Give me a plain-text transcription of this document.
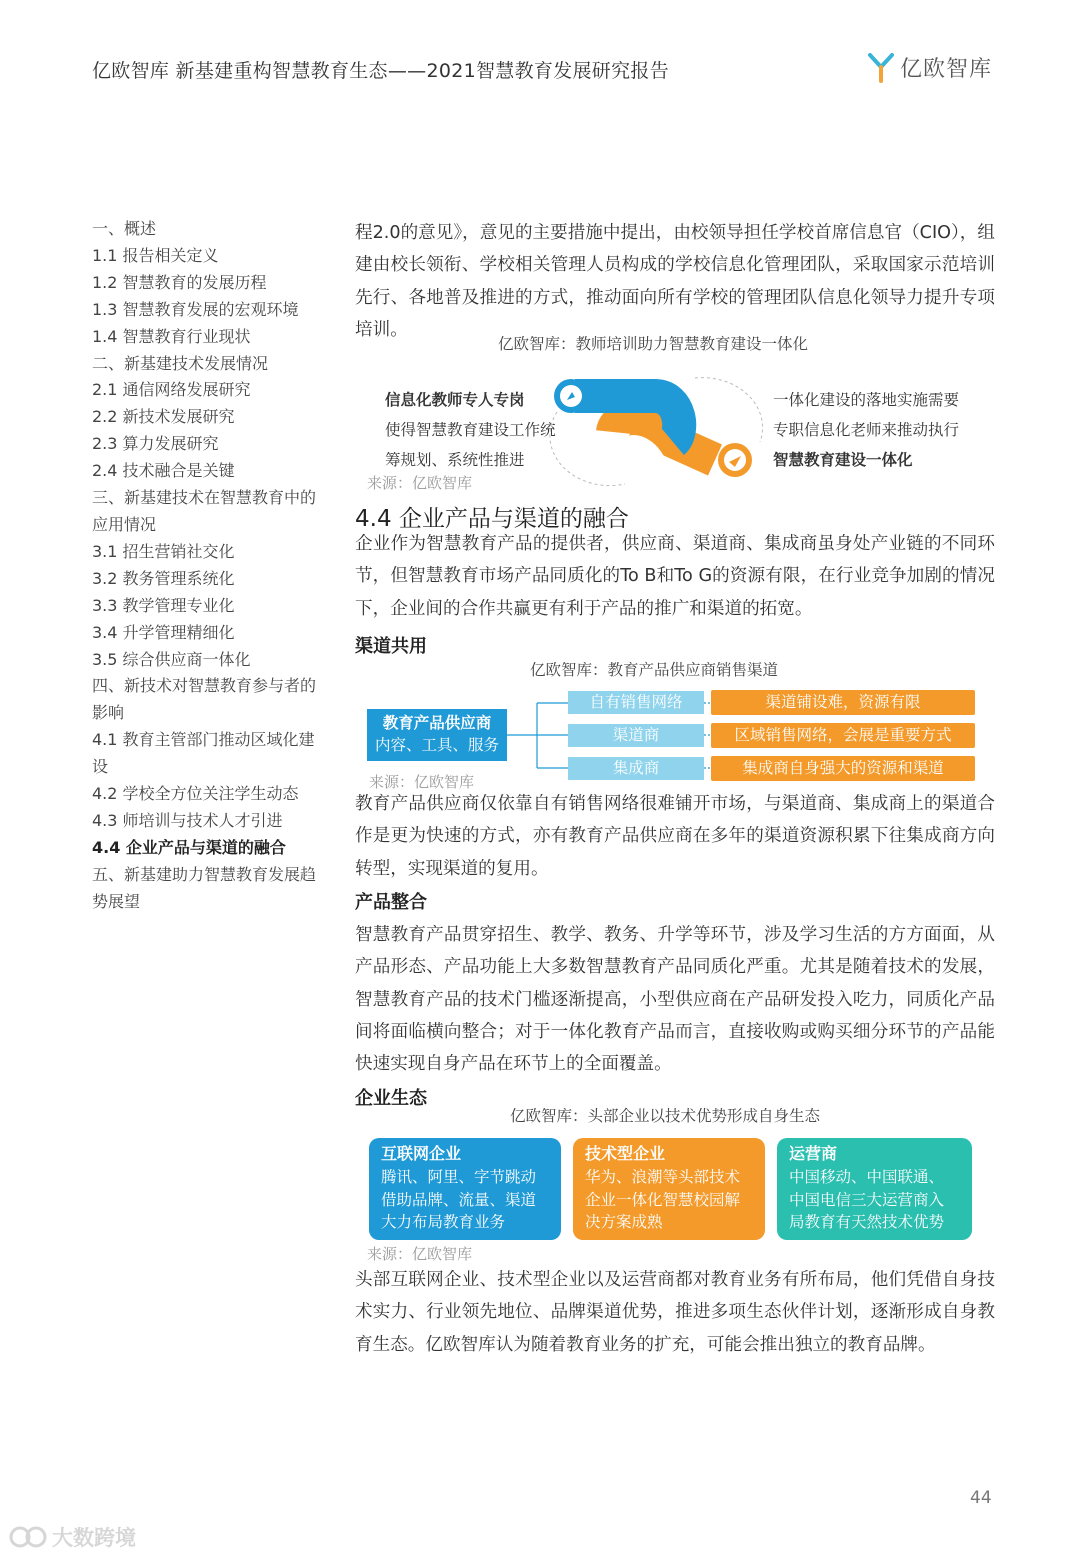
亿欧智库 新基建重构智慧教育生态——2021智慧教育发展研究报告	亿欧智库
一、概述
1.1 报告相关定义
1.2 智慧教育的发展历程
1.3 智慧教育发展的宏观环境
1.4 智慧教育行业现状
二、新基建技术发展情况
2.1 通信网络发展研究
2.2 新技术发展研究
2.3 算力发展研究
2.4 技术融合是关键
三、新基建技术在智慧教育中的应用情况
3.1 招生营销社交化
3.2 教务管理系统化
3.3 教学管理专业化
3.4 升学管理精细化
3.5 综合供应商一体化
四、新技术对智慧教育参与者的影响
4.1 教育主管部门推动区域化建设
4.2 学校全方位关注学生动态
4.3 师培训与技术人才引进
4.4 企业产品与渠道的融合
五、新基建助力智慧教育发展趋势展望
程2.0的意见》，意见的主要措施中提出，由校领导担任学校首席信息官（CIO），组建由校长领衔、学校相关管理人员构成的学校信息化管理团队，采取国家示范培训先行、各地普及推进的方式，推动面向所有学校的管理团队信息化领导力提升专项培训。
亿欧智库：教师培训助力智慧教育建设一体化
信息化教师专人专岗
使得智慧教育建设工作统
筹规划、系统性推进
一体化建设的落地实施需要
专职信息化老师来推动执行
智慧教育建设一体化
来源：亿欧智库
4.4 企业产品与渠道的融合
企业作为智慧教育产品的提供者，供应商、渠道商、集成商虽身处产业链的不同环节，但智慧教育市场产品同质化的To B和To G的资源有限，在行业竞争加剧的情况下，企业间的合作共赢更有利于产品的推广和渠道的拓宽。
渠道共用
亿欧智库：教育产品供应商销售渠道
教育产品供应商
内容、工具、服务
自有销售网络
渠道商
集成商
渠道铺设难，资源有限
区域销售网络，会展是重要方式
集成商自身强大的资源和渠道
来源：亿欧智库
教育产品供应商仅依靠自有销售网络很难铺开市场，与渠道商、集成商上的渠道合作是更为快速的方式，亦有教育产品供应商在多年的渠道资源积累下往集成商方向转型，实现渠道的复用。
产品整合
智慧教育产品贯穿招生、教学、教务、升学等环节，涉及学习生活的方方面面，从产品形态、产品功能上大多数智慧教育产品同质化严重。尤其是随着技术的发展，智慧教育产品的技术门槛逐渐提高，小型供应商在产品研发投入吃力，同质化产品间将面临横向整合；对于一体化教育产品而言，直接收购或购买细分环节的产品能快速实现自身产品在环节上的全面覆盖。
企业生态
亿欧智库：头部企业以技术优势形成自身生态
互联网企业
腾讯、阿里、字节跳动
借助品牌、流量、渠道
大力布局教育业务
技术型企业
华为、浪潮等头部技术
企业一体化智慧校园解
决方案成熟
运营商
中国移动、中国联通、
中国电信三大运营商入
局教育有天然技术优势
来源：亿欧智库
头部互联网企业、技术型企业以及运营商都对教育业务有所布局，他们凭借自身技术实力、行业领先地位、品牌渠道优势，推进多项生态伙伴计划，逐渐形成自身教育生态。亿欧智库认为随着教育业务的扩充，可能会推出独立的教育品牌。
44
大数跨境
